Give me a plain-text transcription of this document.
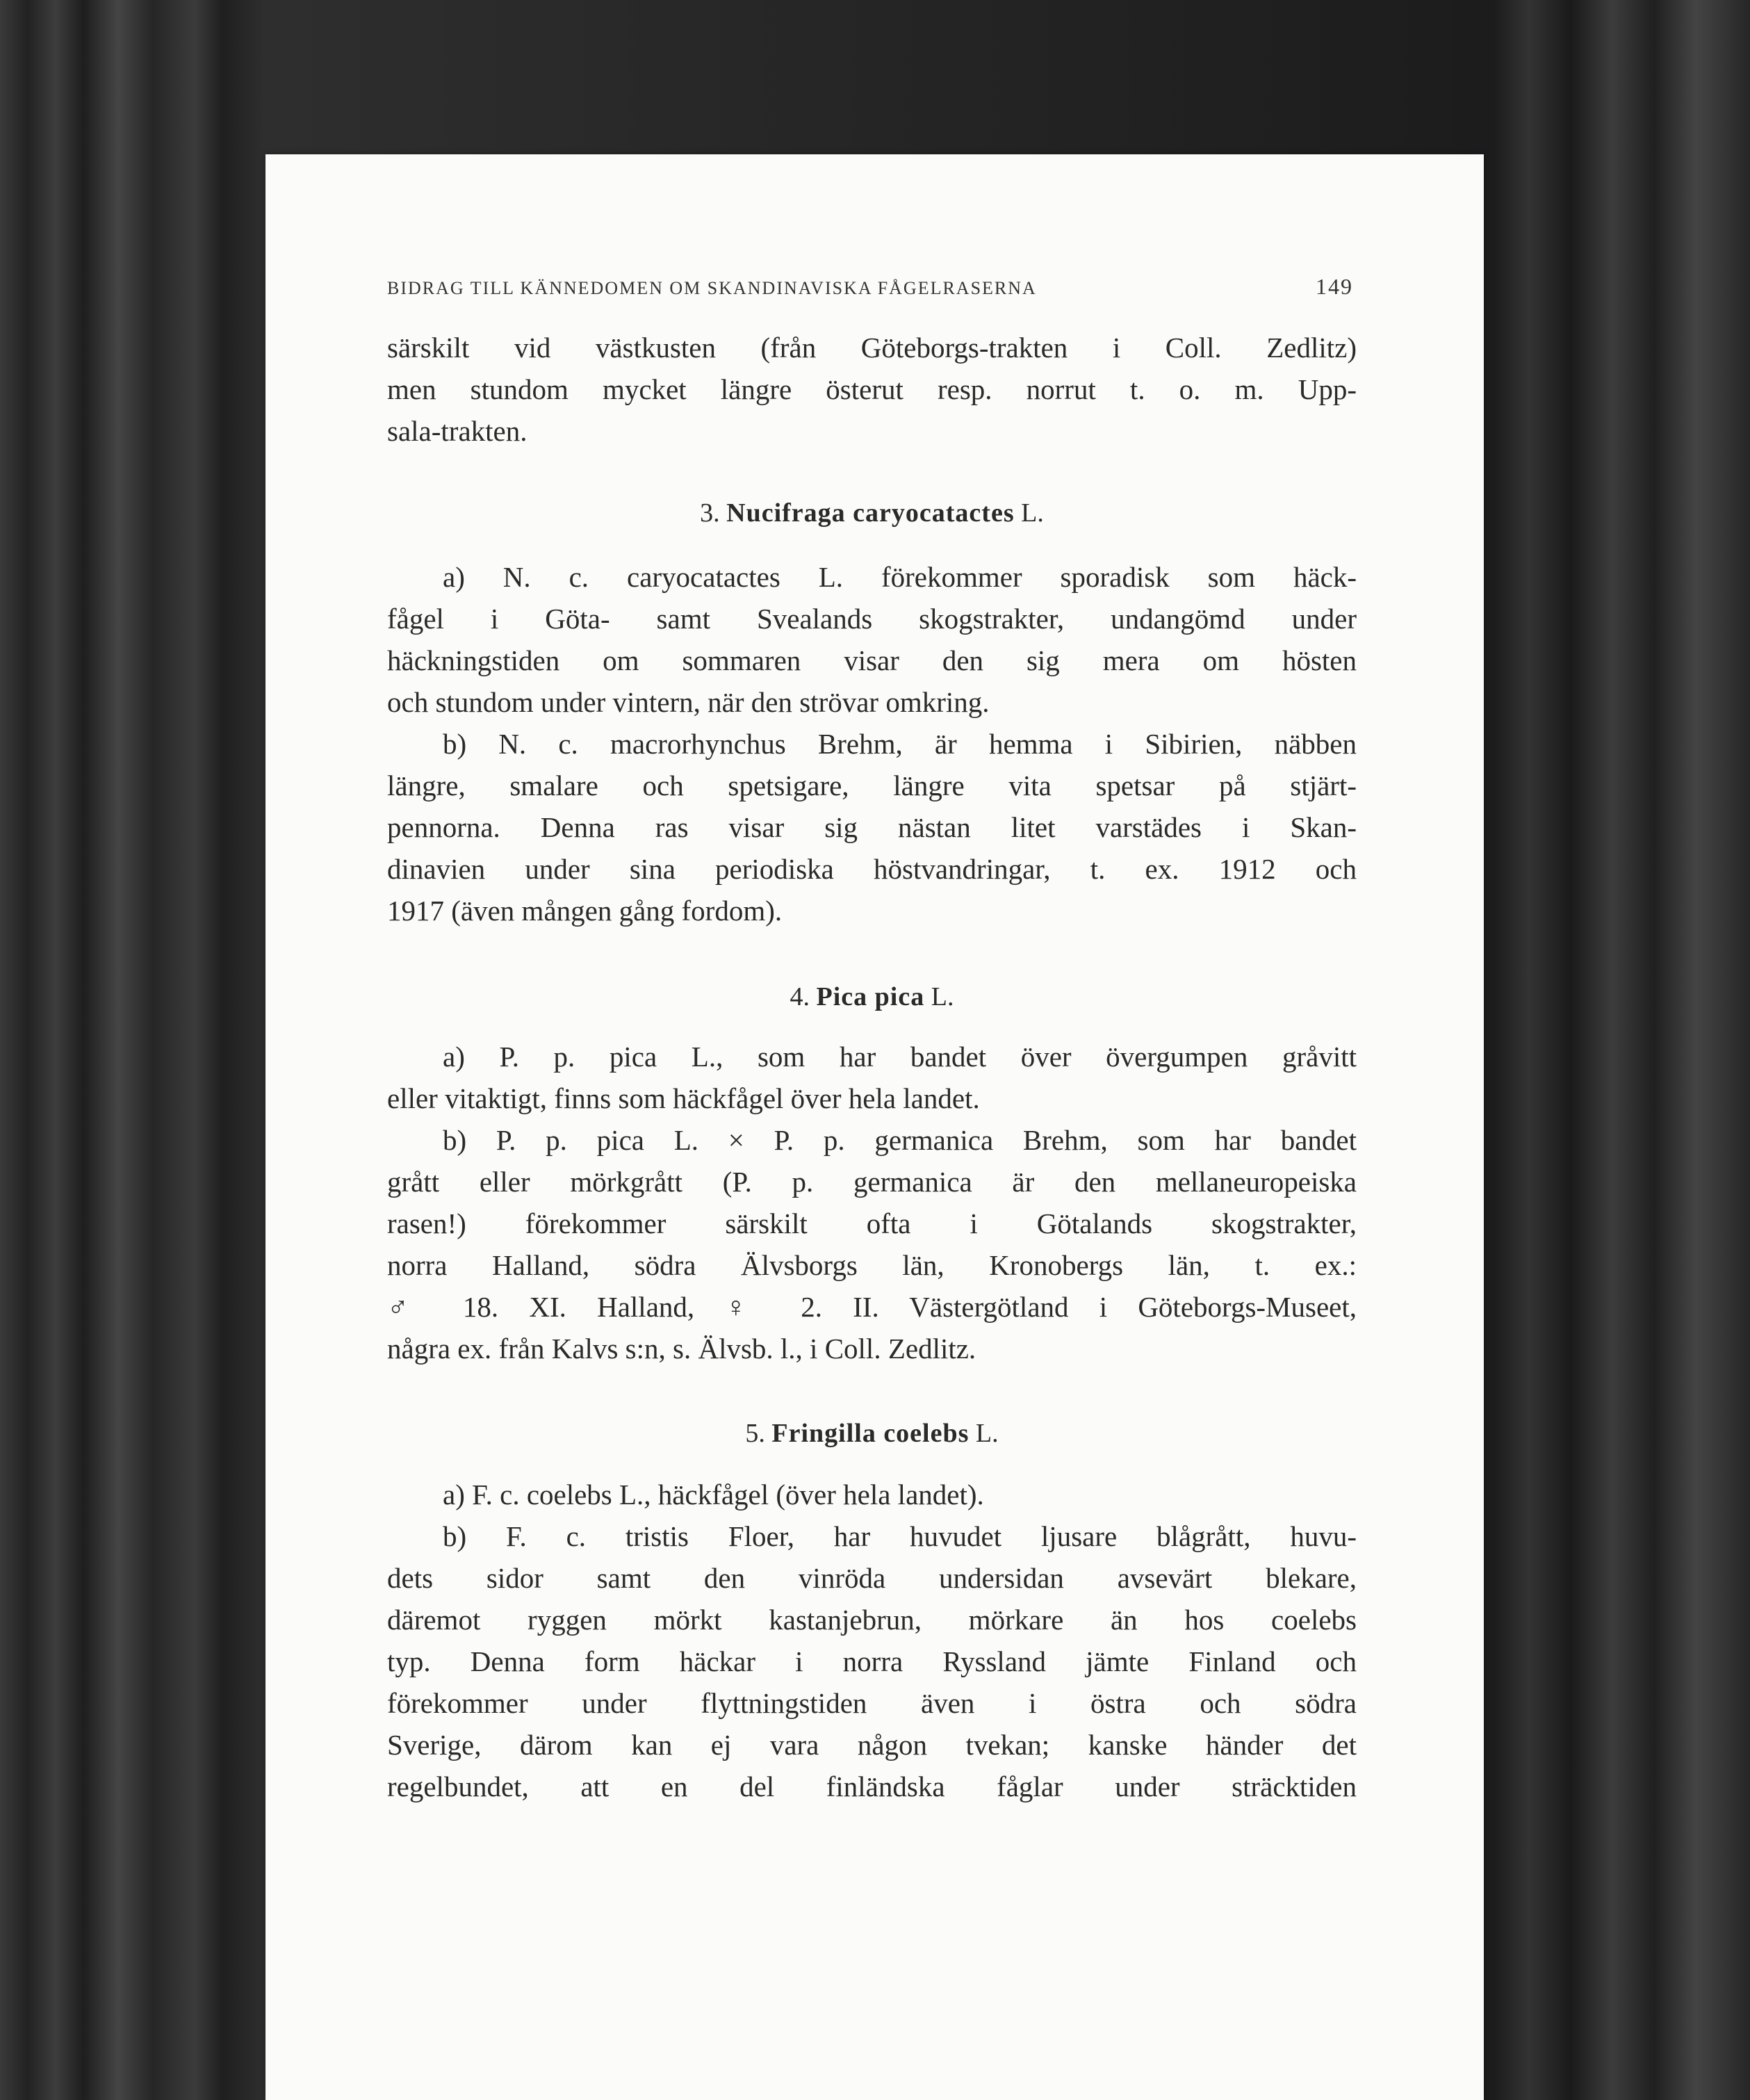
BIDRAG TILL KÄNNEDOMEN OM SKANDINAVISKA FÅGELRASERNA	149
särskilt vid västkusten (från Göteborgs-trakten i Coll. Zedlitz)
men stundom mycket längre österut resp. norrut t. o. m. Upp-
sala-trakten.
3. Nucifraga caryocatactes L.
a) N. c. caryocatactes L. förekommer sporadisk som häck-
fågel i Göta- samt Svealands skogstrakter, undangömd under
häckningstiden om sommaren visar den sig mera om hösten
och stundom under vintern, när den strövar omkring.
b) N. c. macrorhynchus Brehm, är hemma i Sibirien, näbben
längre, smalare och spetsigare, längre vita spetsar på stjärt-
pennorna. Denna ras visar sig nästan litet varstädes i Skan-
dinavien under sina periodiska höstvandringar, t. ex. 1912 och
1917 (även mången gång fordom).
4. Pica pica L.
a) P. p. pica L., som har bandet över övergumpen gråvitt
eller vitaktigt, finns som häckfågel över hela landet.
b) P. p. pica L. × P. p. germanica Brehm, som har bandet
grått eller mörkgrått (P. p. germanica är den mellaneuropeiska
rasen!) förekommer särskilt ofta i Götalands skogstrakter,
norra Halland, södra Älvsborgs län, Kronobergs län, t. ex.:
♂ 18. XI. Halland, ♀ 2. II. Västergötland i Göteborgs-Museet,
några ex. från Kalvs s:n, s. Älvsb. l., i Coll. Zedlitz.
5. Fringilla coelebs L.
a) F. c. coelebs L., häckfågel (över hela landet).
b) F. c. tristis Floer, har huvudet ljusare blågrått, huvu-
dets sidor samt den vinröda undersidan avsevärt blekare,
däremot ryggen mörkt kastanjebrun, mörkare än hos coelebs
typ. Denna form häckar i norra Ryssland jämte Finland och
förekommer under flyttningstiden även i östra och södra
Sverige, därom kan ej vara någon tvekan; kanske händer det
regelbundet, att en del finländska fåglar under sträcktiden
